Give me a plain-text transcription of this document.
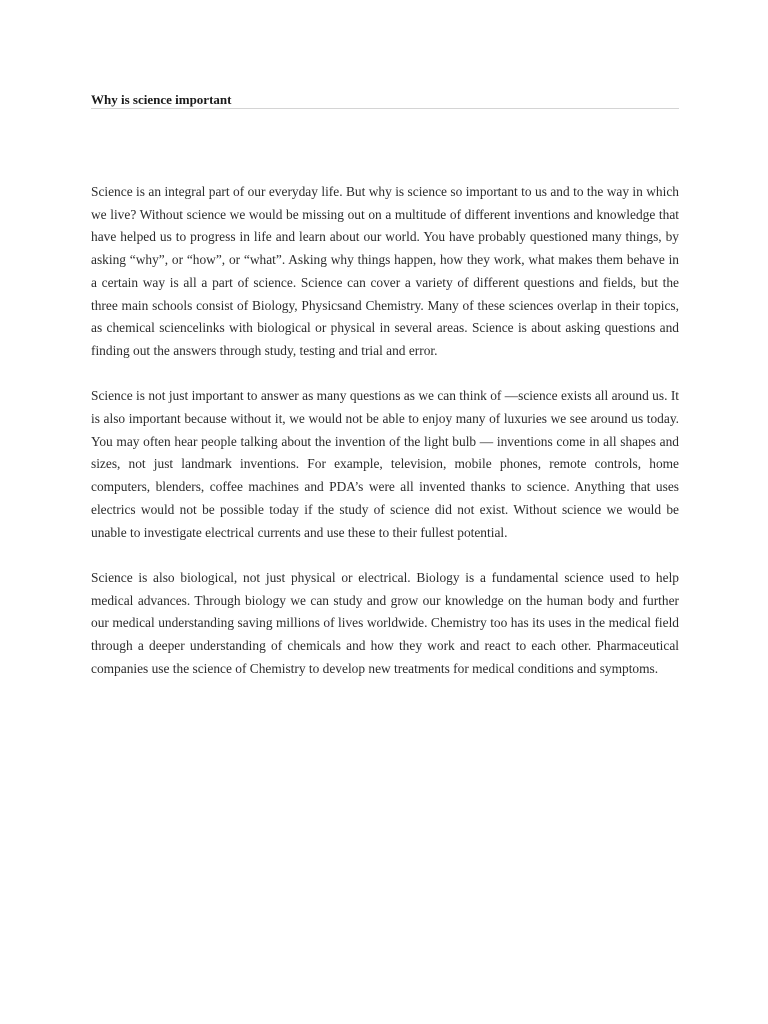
Why is science important

Science is an integral part of our everyday life. But why is science so important to us and to the way in which we live? Without science we would be missing out on a multitude of different inventions and knowledge that have helped us to progress in life and learn about our world. You have probably questioned many things, by asking “why”, or “how”, or “what”. Asking why things happen, how they work, what makes them behave in a certain way is all a part of science. Science can cover a variety of different questions and fields, but the three main schools consist of Biology, Physicsand Chemistry. Many of these sciences overlap in their topics, as chemical sciencelinks with biological or physical in several areas. Science is about asking questions and finding out the answers through study, testing and trial and error.

Science is not just important to answer as many questions as we can think of —science exists all around us. It is also important because without it, we would not be able to enjoy many of luxuries we see around us today. You may often hear people talking about the invention of the light bulb — inventions come in all shapes and sizes, not just landmark inventions. For example, television, mobile phones, remote controls, home computers, blenders, coffee machines and PDA’s were all invented thanks to science. Anything that uses electrics would not be possible today if the study of science did not exist. Without science we would be unable to investigate electrical currents and use these to their fullest potential.

Science is also biological, not just physical or electrical. Biology is a fundamental science used to help medical advances. Through biology we can study and grow our knowledge on the human body and further our medical understanding saving millions of lives worldwide. Chemistry too has its uses in the medical field through a deeper understanding of chemicals and how they work and react to each other. Pharmaceutical companies use the science of Chemistry to develop new treatments for medical conditions and symptoms.
